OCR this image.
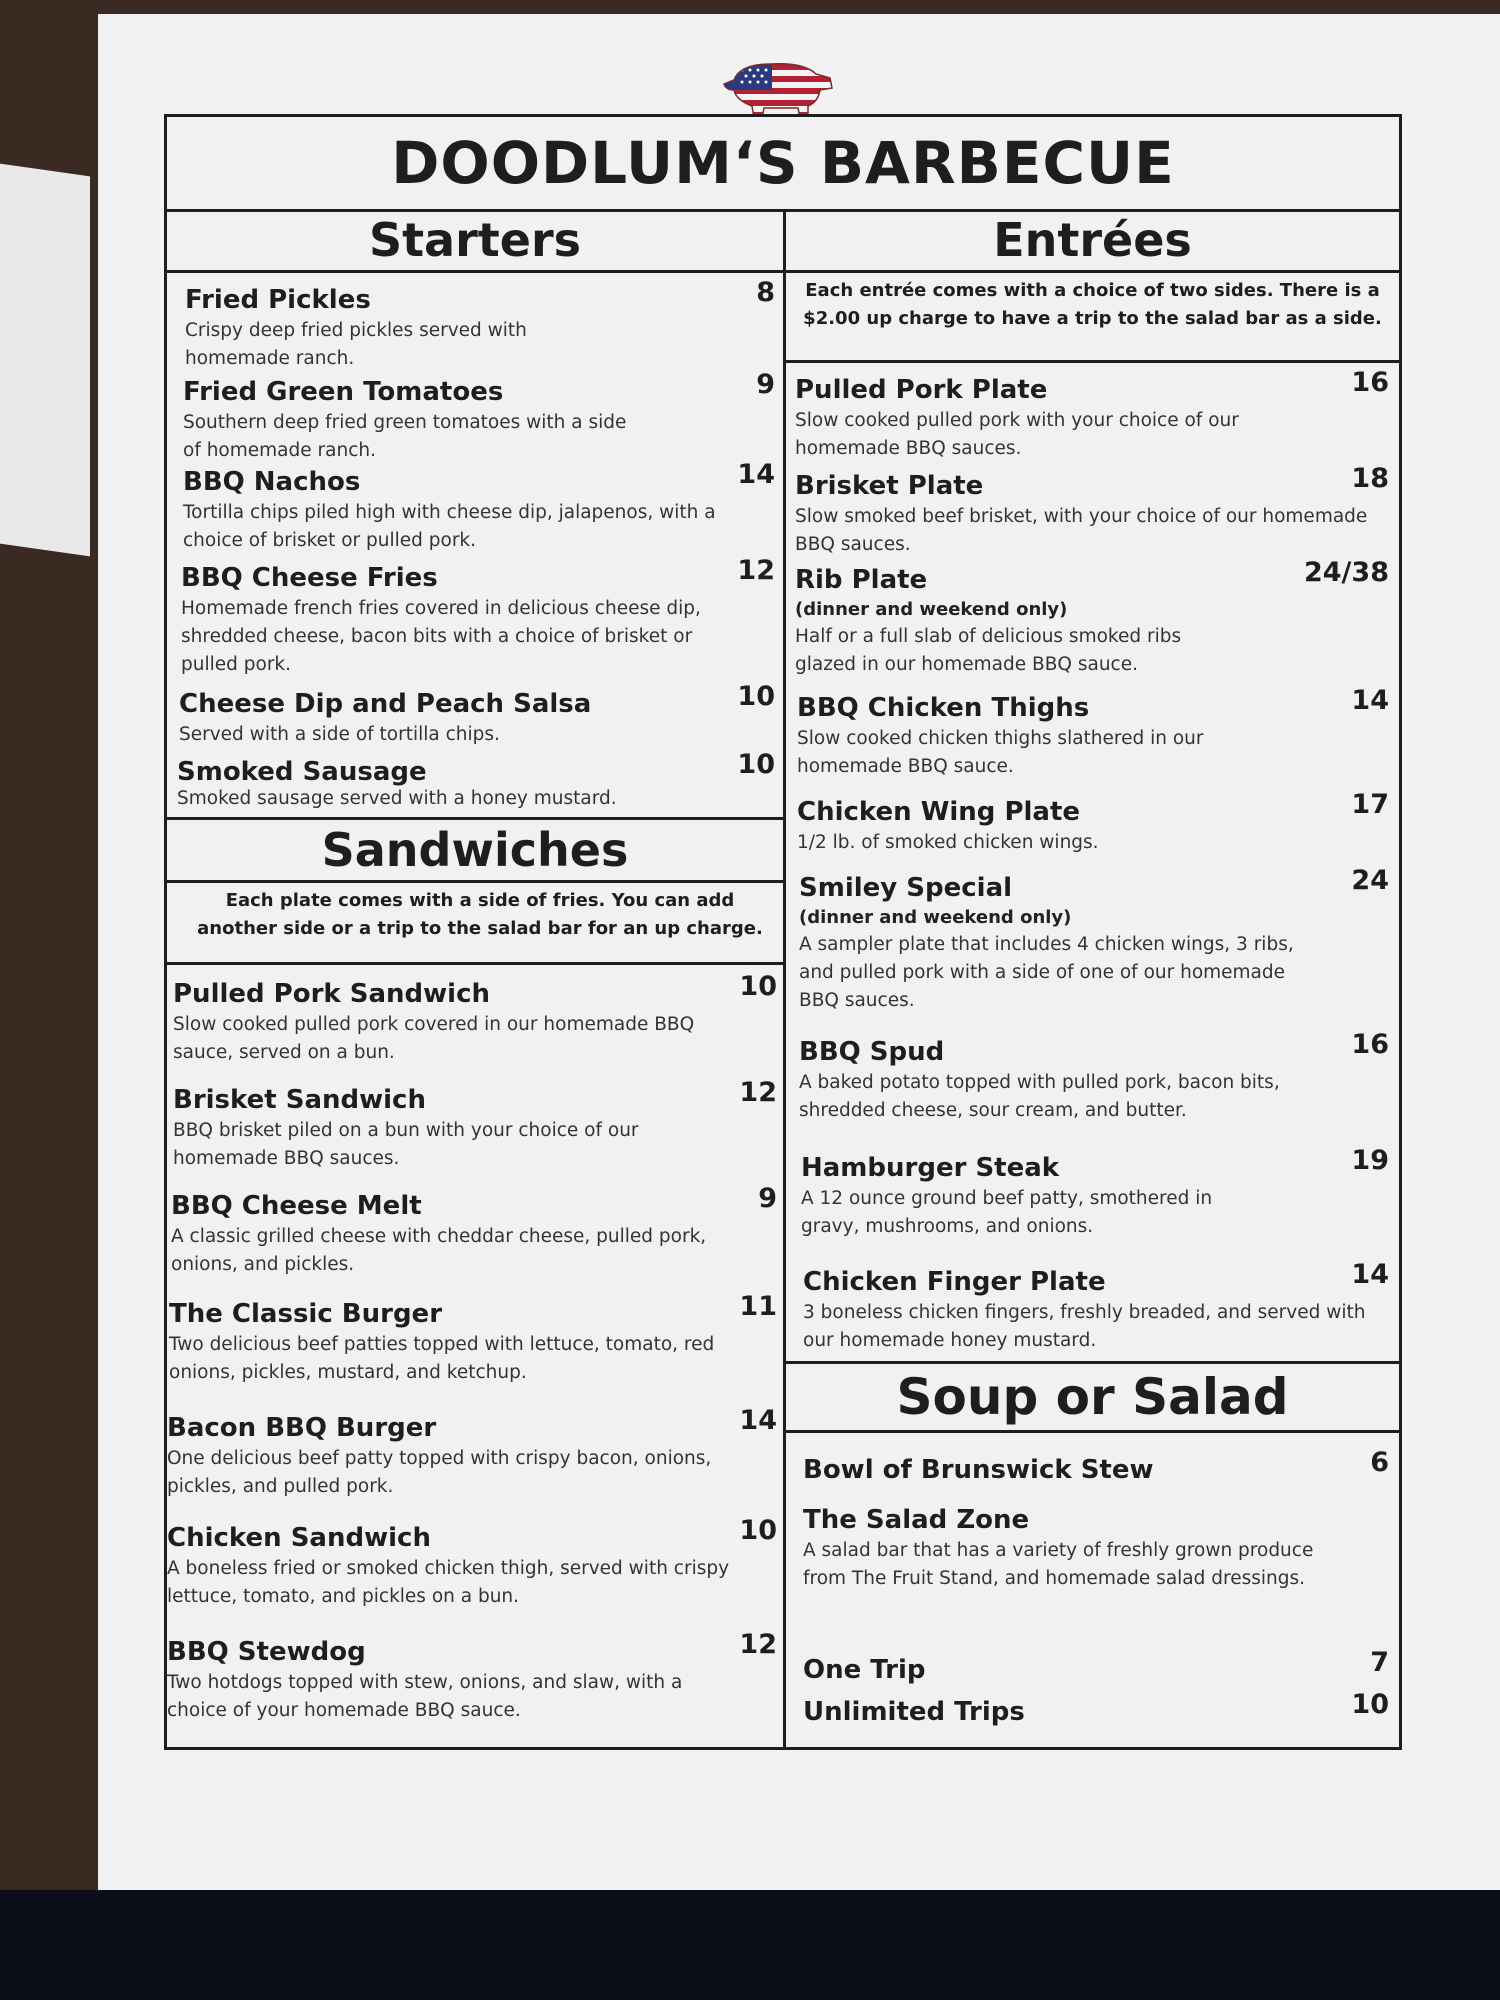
DOODLUM‘S BARBECUE
Starters
Fried Pickles	8
Crispy deep fried pickles served with homemade ranch.
Fried Green Tomatoes	9
Southern deep fried green tomatoes with a side of homemade ranch.
BBQ Nachos	14
Tortilla chips piled high with cheese dip, jalapenos, with a choice of brisket or pulled pork.
BBQ Cheese Fries	12
Homemade french fries covered in delicious cheese dip, shredded cheese, bacon bits with a choice of brisket or pulled pork.
Cheese Dip and Peach Salsa	10
Served with a side of tortilla chips.
Smoked Sausage	10
Smoked sausage served with a honey mustard.
Sandwiches
Each plate comes with a side of fries. You can add another side or a trip to the salad bar for an up charge.
Pulled Pork Sandwich	10
Slow cooked pulled pork covered in our homemade BBQ sauce, served on a bun.
Brisket Sandwich	12
BBQ brisket piled on a bun with your choice of our homemade BBQ sauces.
BBQ Cheese Melt	9
A classic grilled cheese with cheddar cheese, pulled pork, onions, and pickles.
The Classic Burger	11
Two delicious beef patties topped with lettuce, tomato, red onions, pickles, mustard, and ketchup.
Bacon BBQ Burger	14
One delicious beef patty topped with crispy bacon, onions, pickles, and pulled pork.
Chicken Sandwich	10
A boneless fried or smoked chicken thigh, served with crispy lettuce, tomato, and pickles on a bun.
BBQ Stewdog	12
Two hotdogs topped with stew, onions, and slaw, with a choice of your homemade BBQ sauce.
Entrées
Each entrée comes with a choice of two sides. There is a $2.00 up charge to have a trip to the salad bar as a side.
Pulled Pork Plate	16
Slow cooked pulled pork with your choice of our homemade BBQ sauces.
Brisket Plate	18
Slow smoked beef brisket, with your choice of our homemade BBQ sauces.
Rib Plate	24/38
(dinner and weekend only)
Half or a full slab of delicious smoked ribs glazed in our homemade BBQ sauce.
BBQ Chicken Thighs	14
Slow cooked chicken thighs slathered in our homemade BBQ sauce.
Chicken Wing Plate	17
1/2 lb. of smoked chicken wings.
Smiley Special	24
(dinner and weekend only)
A sampler plate that includes 4 chicken wings, 3 ribs, and pulled pork with a side of one of our homemade BBQ sauces.
BBQ Spud	16
A baked potato topped with pulled pork, bacon bits, shredded cheese, sour cream, and butter.
Hamburger Steak	19
A 12 ounce ground beef patty, smothered in gravy, mushrooms, and onions.
Chicken Finger Plate	14
3 boneless chicken fingers, freshly breaded, and served with our homemade honey mustard.
Soup or Salad
Bowl of Brunswick Stew	6
The Salad Zone
A salad bar that has a variety of freshly grown produce from The Fruit Stand, and homemade salad dressings.
One Trip	7
Unlimited Trips	10
